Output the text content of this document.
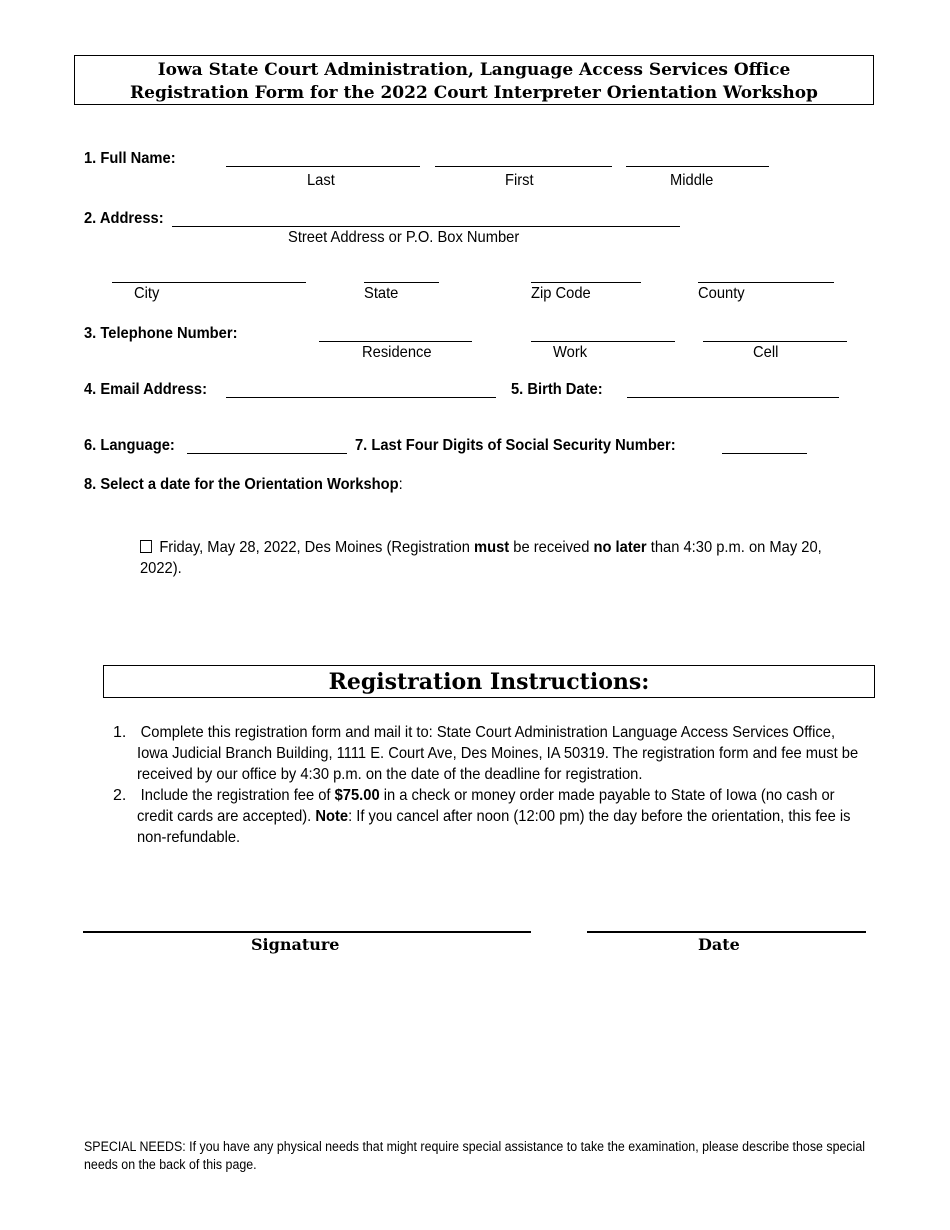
Iowa State Court Administration, Language Access Services Office
Registration Form for the 2022 Court Interpreter Orientation Workshop
1. Full Name:
Last	First	Middle
2. Address:
Street Address or P.O. Box Number
City	State	Zip Code	County
3. Telephone Number:
Residence	Work	Cell
4. Email Address:	5. Birth Date:
6. Language:	7. Last Four Digits of Social Security Number:
8. Select a date for the Orientation Workshop:
Friday, May 28, 2022, Des Moines (Registration must be received no later than 4:30 p.m. on May 20, 2022).
Registration Instructions:
1. Complete this registration form and mail it to: State Court Administration Language Access Services Office, Iowa Judicial Branch Building, 1111 E. Court Ave, Des Moines, IA 50319. The registration form and fee must be received by our office by 4:30 p.m. on the date of the deadline for registration.
2. Include the registration fee of $75.00 in a check or money order made payable to State of Iowa (no cash or credit cards are accepted). Note: If you cancel after noon (12:00 pm) the day before the orientation, this fee is non-refundable.
Signature	Date
SPECIAL NEEDS: If you have any physical needs that might require special assistance to take the examination, please describe those special needs on the back of this page.
